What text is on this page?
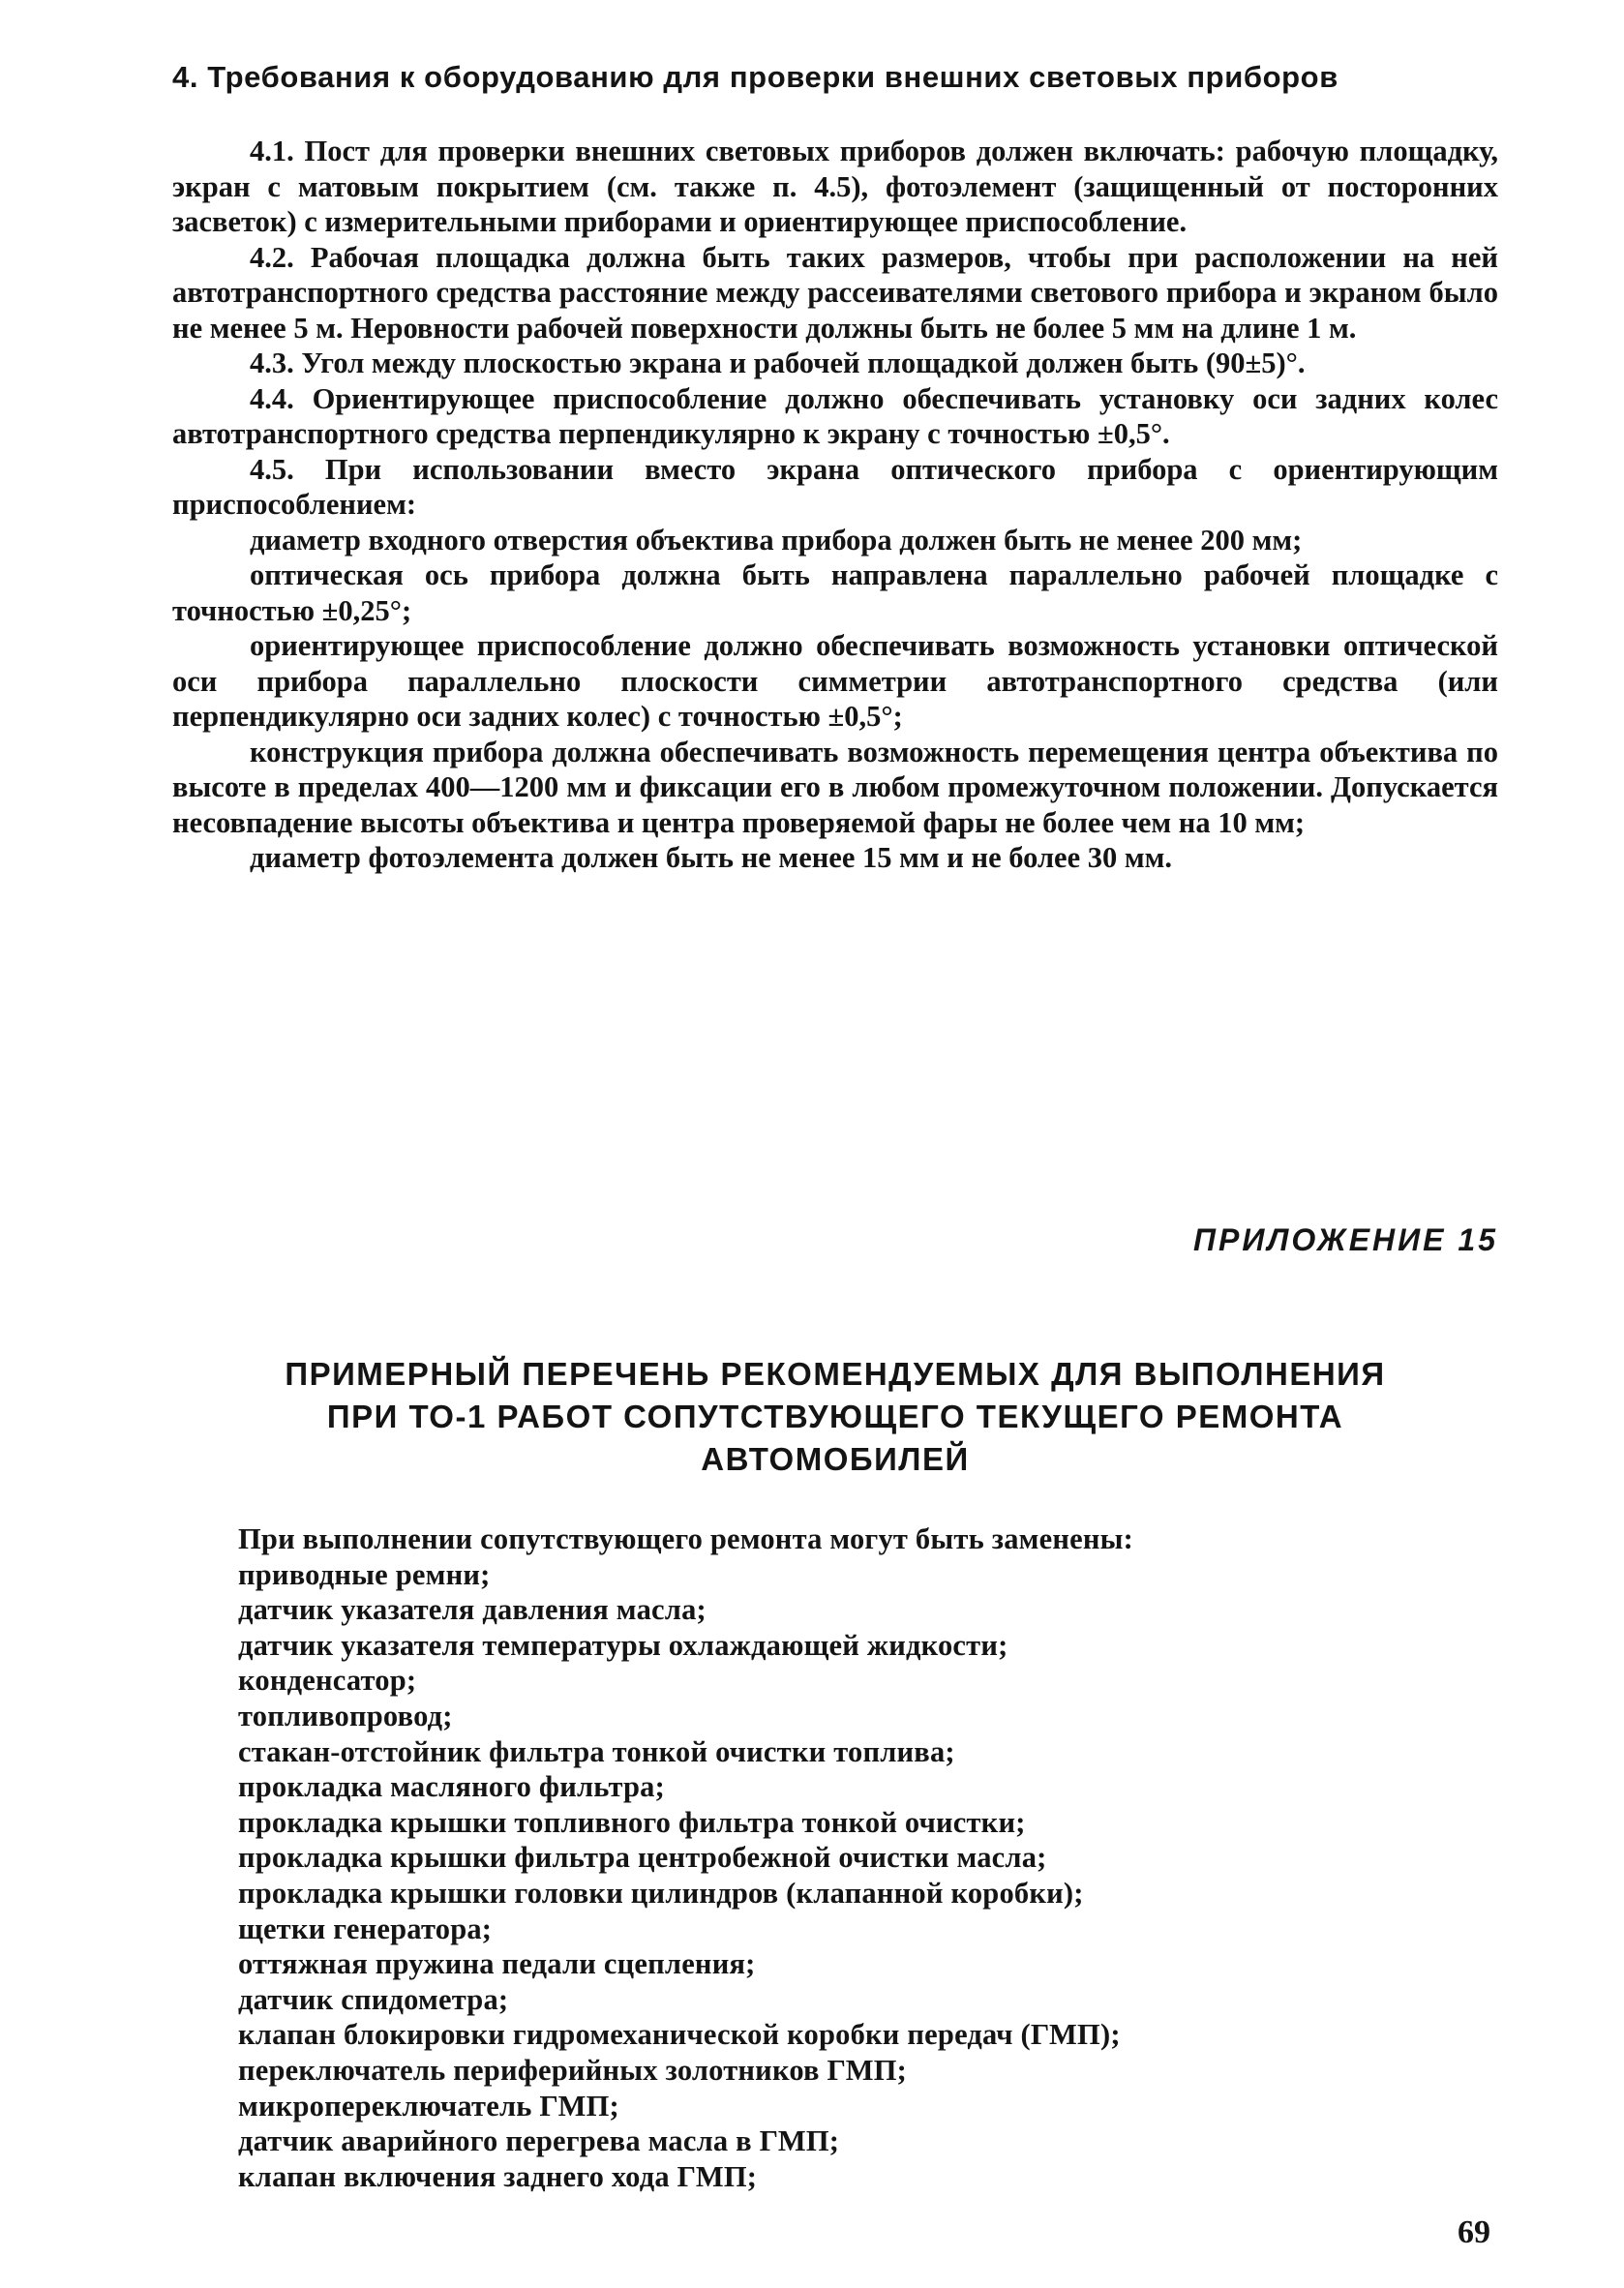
4. Требования к оборудованию для проверки внешних световых приборов

4.1. Пост для проверки внешних световых приборов должен включать: рабочую площадку, экран с матовым покрытием (см. также п. 4.5), фотоэлемент (защищенный от посторонних засветок) с измерительными приборами и ориентирующее приспособление.

4.2. Рабочая площадка должна быть таких размеров, чтобы при расположении на ней автотранспортного средства расстояние между рассеивателями светового прибора и экраном было не менее 5 м. Неровности рабочей поверхности должны быть не более 5 мм на длине 1 м.

4.3. Угол между плоскостью экрана и рабочей площадкой должен быть (90±5)°.

4.4. Ориентирующее приспособление должно обеспечивать установку оси задних колес автотранспортного средства перпендикулярно к экрану с точностью ±0,5°.

4.5. При использовании вместо экрана оптического прибора с ориентирующим приспособлением:

диаметр входного отверстия объектива прибора должен быть не менее 200 мм;

оптическая ось прибора должна быть направлена параллельно рабочей площадке с точностью ±0,25°;

ориентирующее приспособление должно обеспечивать возможность установки оптической оси прибора параллельно плоскости симметрии автотранспортного средства (или перпендикулярно оси задних колес) с точностью ±0,5°;

конструкция прибора должна обеспечивать возможность перемещения центра объектива по высоте в пределах 400—1200 мм и фиксации его в любом промежуточном положении. Допускается несовпадение высоты объектива и центра проверяемой фары не более чем на 10 мм;

диаметр фотоэлемента должен быть не менее 15 мм и не более 30 мм.

ПРИЛОЖЕНИЕ 15
ПРИМЕРНЫЙ ПЕРЕЧЕНЬ РЕКОМЕНДУЕМЫХ ДЛЯ ВЫПОЛНЕНИЯ
ПРИ ТО-1 РАБОТ СОПУТСТВУЮЩЕГО ТЕКУЩЕГО РЕМОНТА
АВТОМОБИЛЕЙ
При выполнении сопутствующего ремонта могут быть заменены:
приводные ремни;
датчик указателя давления масла;
датчик указателя температуры охлаждающей жидкости;
конденсатор;
топливопровод;
стакан-отстойник фильтра тонкой очистки топлива;
прокладка масляного фильтра;
прокладка крышки топливного фильтра тонкой очистки;
прокладка крышки фильтра центробежной очистки масла;
прокладка крышки головки цилиндров (клапанной коробки);
щетки генератора;
оттяжная пружина педали сцепления;
датчик спидометра;
клапан блокировки гидромеханической коробки передач (ГМП);
переключатель периферийных золотников ГМП;
микропереключатель ГМП;
датчик аварийного перегрева масла в ГМП;
клапан включения заднего хода ГМП;
69
